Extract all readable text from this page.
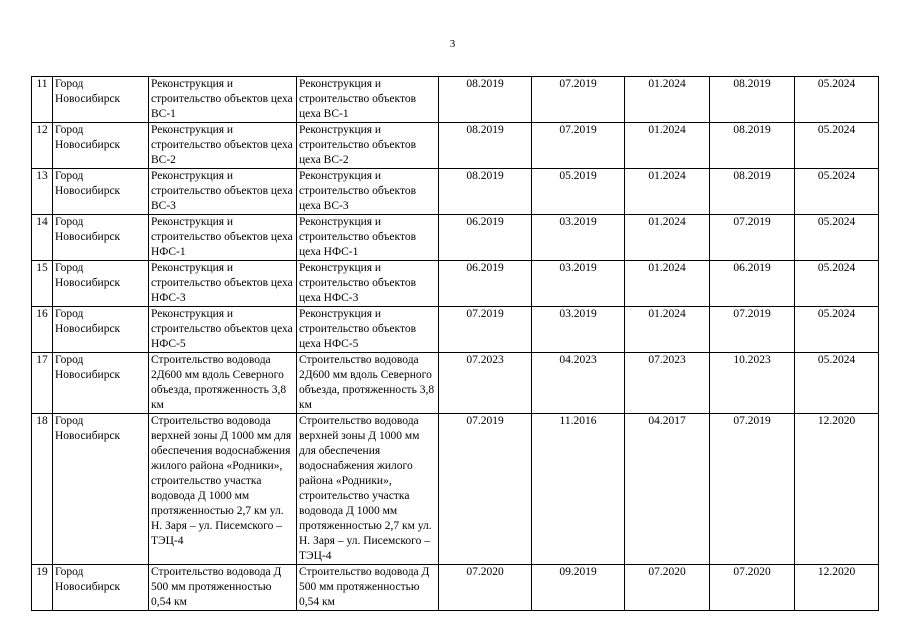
3
11	Город Новосибирск	Реконструкция и строительство объектов цеха ВС-1	Реконструкция и строительство объектов цеха ВС-1	08.2019	07.2019	01.2024	08.2019	05.2024
12	Город Новосибирск	Реконструкция и строительство объектов цеха ВС-2	Реконструкция и строительство объектов цеха ВС-2	08.2019	07.2019	01.2024	08.2019	05.2024
13	Город Новосибирск	Реконструкция и строительство объектов цеха ВС-3	Реконструкция и строительство объектов цеха ВС-3	08.2019	05.2019	01.2024	08.2019	05.2024
14	Город Новосибирск	Реконструкция и строительство объектов цеха НФС-1	Реконструкция и строительство объектов цеха НФС-1	06.2019	03.2019	01.2024	07.2019	05.2024
15	Город Новосибирск	Реконструкция и строительство объектов цеха НФС-3	Реконструкция и строительство объектов цеха НФС-3	06.2019	03.2019	01.2024	06.2019	05.2024
16	Город Новосибирск	Реконструкция и строительство объектов цеха НФС-5	Реконструкция и строительство объектов цеха НФС-5	07.2019	03.2019	01.2024	07.2019	05.2024
17	Город Новосибирск	Строительство водовода 2Д600 мм вдоль Северного объезда, протяженность 3,8 км	Строительство водовода 2Д600 мм вдоль Северного объезда, протяженность 3,8 км	07.2023	04.2023	07.2023	10.2023	05.2024
18	Город Новосибирск	Строительство водовода верхней зоны Д 1000 мм для обеспечения водоснабжения жилого района «Родники», строительство участка водовода Д 1000 мм протяженностью 2,7 км ул. Н. Заря – ул. Писемского – ТЭЦ-4	Строительство водовода верхней зоны Д 1000 мм для обеспечения водоснабжения жилого района «Родники», строительство участка водовода Д 1000 мм протяженностью 2,7 км ул. Н. Заря – ул. Писемского – ТЭЦ-4	07.2019	11.2016	04.2017	07.2019	12.2020
19	Город Новосибирск	Строительство водовода Д 500 мм протяженностью 0,54 км	Строительство водовода Д 500 мм протяженностью 0,54 км	07.2020	09.2019	07.2020	07.2020	12.2020
